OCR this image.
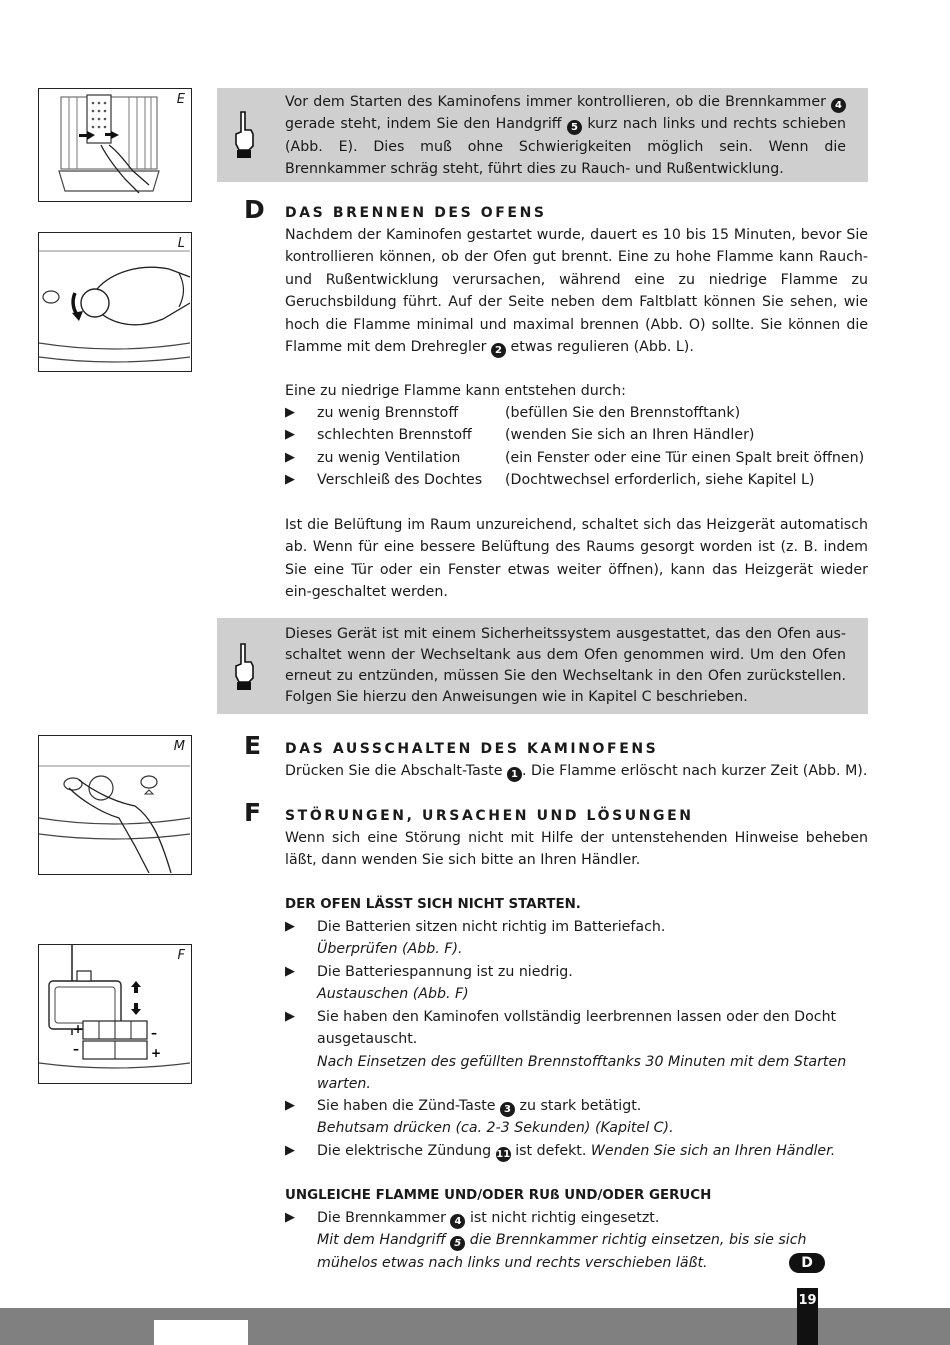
E
L
Vor dem Starten des Kaminofens immer kontrollieren, ob die Brennkammer 4 gerade steht, indem Sie den Handgriff 5 kurz nach links und rechts schieben (Abb. E). Dies muß ohne Schwierigkeiten möglich sein. Wenn die Brennkammer schräg steht, führt dies zu Rauch- und Rußentwicklung.
D DAS BRENNEN DES OFENS
Nachdem der Kaminofen gestartet wurde, dauert es 10 bis 15 Minuten, bevor Sie kontrollieren können, ob der Ofen gut brennt. Eine zu hohe Flamme kann Rauch- und Rußentwicklung verursachen, während eine zu niedrige Flamme zu Geruchsbildung führt. Auf der Seite neben dem Faltblatt können Sie sehen, wie hoch die Flamme minimal und maximal brennen (Abb. O) sollte. Sie können die Flamme mit dem Drehregler 2 etwas regulieren (Abb. L).
Eine zu niedrige Flamme kann entstehen durch:
▶ zu wenig Brennstoff	(befüllen Sie den Brennstofftank)
▶ schlechten Brennstoff (wenden Sie sich an Ihren Händler)
▶ zu wenig Ventilation	(ein Fenster oder eine Tür einen Spalt breit öffnen)
▶ Verschleiß des Dochtes (Dochtwechsel erforderlich, siehe Kapitel L)
Ist die Belüftung im Raum unzureichend, schaltet sich das Heizgerät automatisch ab. Wenn für eine bessere Belüftung des Raums gesorgt worden ist (z. B. indem Sie eine Tür oder ein Fenster etwas weiter öffnen), kann das Heizgerät wieder ein-geschaltet werden.
Dieses Gerät ist mit einem Sicherheitssystem ausgestattet, das den Ofen aus-schaltet wenn der Wechseltank aus dem Ofen genommen wird. Um den Ofen erneut zu entzünden, müssen Sie den Wechseltank in den Ofen zurückstellen. Folgen Sie hierzu den Anweisungen wie in Kapitel C beschrieben.
M E DAS AUSSCHALTEN DES KAMINOFENS
Drücken Sie die Abschalt-Taste 1 . Die Flamme erlöscht nach kurzer Zeit (Abb. M).
F STÖRUNGEN, URSACHEN UND LÖSUNGEN
Wenn sich eine Störung nicht mit Hilfe der untenstehenden Hinweise beheben läßt, dann wenden Sie sich bitte an Ihren Händler.
DER OFEN LÄSST SICH NICHT STARTEN.
▶ Die Batterien sitzen nicht richtig im Batteriefach.
Überprüfen (Abb. F).
▶ Die Batteriespannung ist zu niedrig.
Austauschen (Abb. F)
▶ Sie haben den Kaminofen vollständig leerbrennen lassen oder den Docht ausgetauscht.
Nach Einsetzen des gefüllten Brennstofftanks 30 Minuten mit dem Starten warten.
▶ Sie haben die Zünd-Taste 3 zu stark betätigt.
Behutsam drücken (ca. 2-3 Sekunden) (Kapitel C).
▶ Die elektrische Zündung 11 ist defekt. Wenden Sie sich an Ihren Händler.
UNGLEICHE FLAMME UND/ODER RUß UND/ODER GERUCH
▶ Die Brennkammer 4 ist nicht richtig eingesetzt.
Mit dem Handgriff 5 die Brennkammer richtig einsetzen, bis sie sich mühelos etwas nach links und rechts verschieben läßt.
F
+
–
–
+
D
19
